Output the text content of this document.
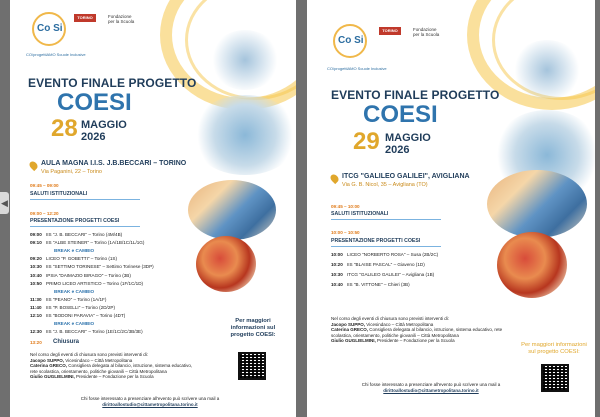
◀
Co Si
TORINO METROPOLI
Fondazione
per la Scuola
CO/progettiAMO Scuole Inclusive
EVENTO FINALE PROGETTO
COESI
28 MAGGIO
2026
AULA MAGNA I.I.S. J.B.BECCARI – TORINO
Via Paganini, 22 – Torino
09:45 – 09:00
SALUTI ISTITUZIONALI
09:00 – 12:20
PRESENTAZIONE PROGETTI COESI
09:00 IIS "J. B. BECCARI" – Torino (4M/4B)
09:10 IIS "ALBE STEINER" – Torino (1A/1B/1C/1L/1G)
BREAK e CAMBIO
09:20 LICEO "P. GOBETTI" – Torino (1S)
10:30 IIS "SETTIMO TORINESE" – Settimo Torinese (3DP)
10:40 IPSIA "DAIMAZIO BIRAGO" – Torino (3B)
10:50 PRIMO LICEO ARTISTICO – Torino (1F/1C/1D)
BREAK e CAMBIO
11:30 IIS "PEANO" – Torino (1A/1F)
11:40 IIS "P. BOSELLI" – Torino (2D/2P)
12:10 IIS "BODONI PARAVIA" – Torino (4DT)
BREAK e CAMBIO
12:30 IIS "J. B. BECCARI" – Torino (1E/1C/2C/3B/3E)
13:20 Chiusura
Nel corso degli eventi di chiusura sono previsti interventi di:
Jacopo SUPPO, Vicesindaco – Città Metropolitana
Caterina GRECO, Consigliera delegata al bilancio, istruzione, sistema educativo, rete scolastica, orientamento, politiche giovanili – Città Metropolitana
Giulio GUGLIELMINI, Presidente – Fondazione per la Scuola
Per maggiori informazioni sul progetto COESI:
Chi fosse interessato a presenziare all'evento può scrivere una mail a
dirittoallostudio@cittametropolitana.torino.it
Co Si
TORINO METROPOLI
Fondazione
per la Scuola
CO/progettiAMO Scuole Inclusive
EVENTO FINALE PROGETTO
COESI
29 MAGGIO
2026
ITCG "GALILEO GALILEI", AVIGLIANA
Via G. B. Nicol, 35 – Avigliana (TO)
09:45 – 10:00
SALUTI ISTITUZIONALI
10:00 – 10:50
PRESENTAZIONE PROGETTI COESI
10:00 LICEO "NORBERTO ROSA" – Susa (2B/2C)
10:20 IIS "BLAISE PASCAL" – Giaveno (1D)
10:30 ITCG "GALILEO GALILEI" – Avigliana (1B)
10:40 IIS "B. VITTONE" – Chieri (3B)
Nel corso degli eventi di chiusura sono previsti interventi di:
Jacopo SUPPO, Vicesindaco – Città Metropolitana
Caterina GRECO, Consigliera delegata al bilancio, istruzione, sistema educativo, rete scolastica, orientamento, politiche giovanili – Città Metropolitana
Giulio GUGLIELMINI, Presidente – Fondazione per la Scuola
Per maggiori informazioni sul progetto COESI:
Chi fosse interessato a presenziare all'evento può scrivere una mail a
dirittoallostudio@cittametropolitana.torino.it
